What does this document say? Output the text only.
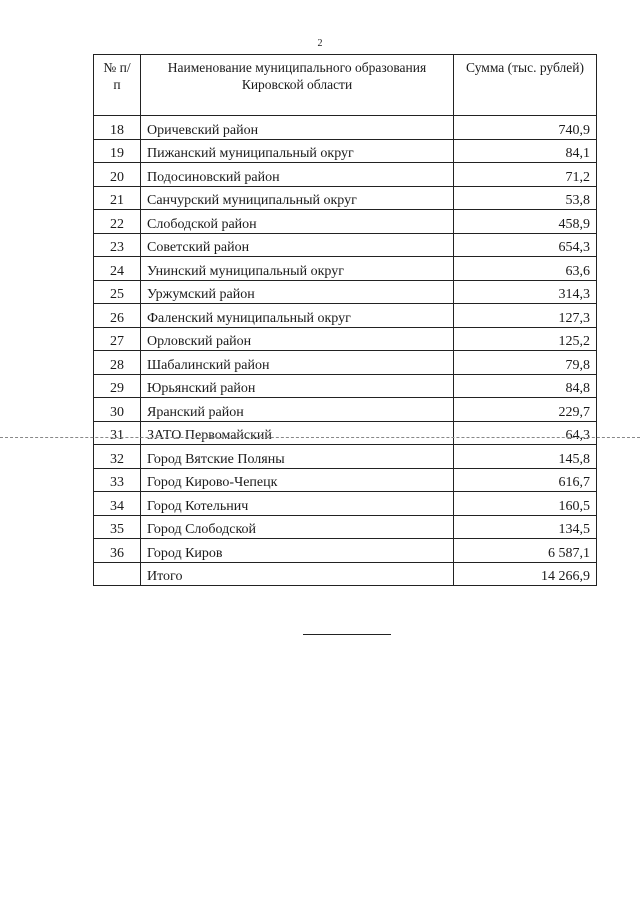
2
№ п/п	Наименование муниципального образования Кировской области	Сумма (тыс. рублей)
18	Оричевский район	740,9
19	Пижанский муниципальный округ	84,1
20	Подосиновский район	71,2
21	Санчурский муниципальный округ	53,8
22	Слободской район	458,9
23	Советский район	654,3
24	Унинский муниципальный округ	63,6
25	Уржумский район	314,3
26	Фаленский муниципальный округ	127,3
27	Орловский район	125,2
28	Шабалинский район	79,8
29	Юрьянский район	84,8
30	Яранский район	229,7
31	ЗАТО Первомайский	64,3
32	Город Вятские Поляны	145,8
33	Город Кирово-Чепецк	616,7
34	Город Котельнич	160,5
35	Город Слободской	134,5
36	Город Киров	6 587,1
	Итого	14 266,9
